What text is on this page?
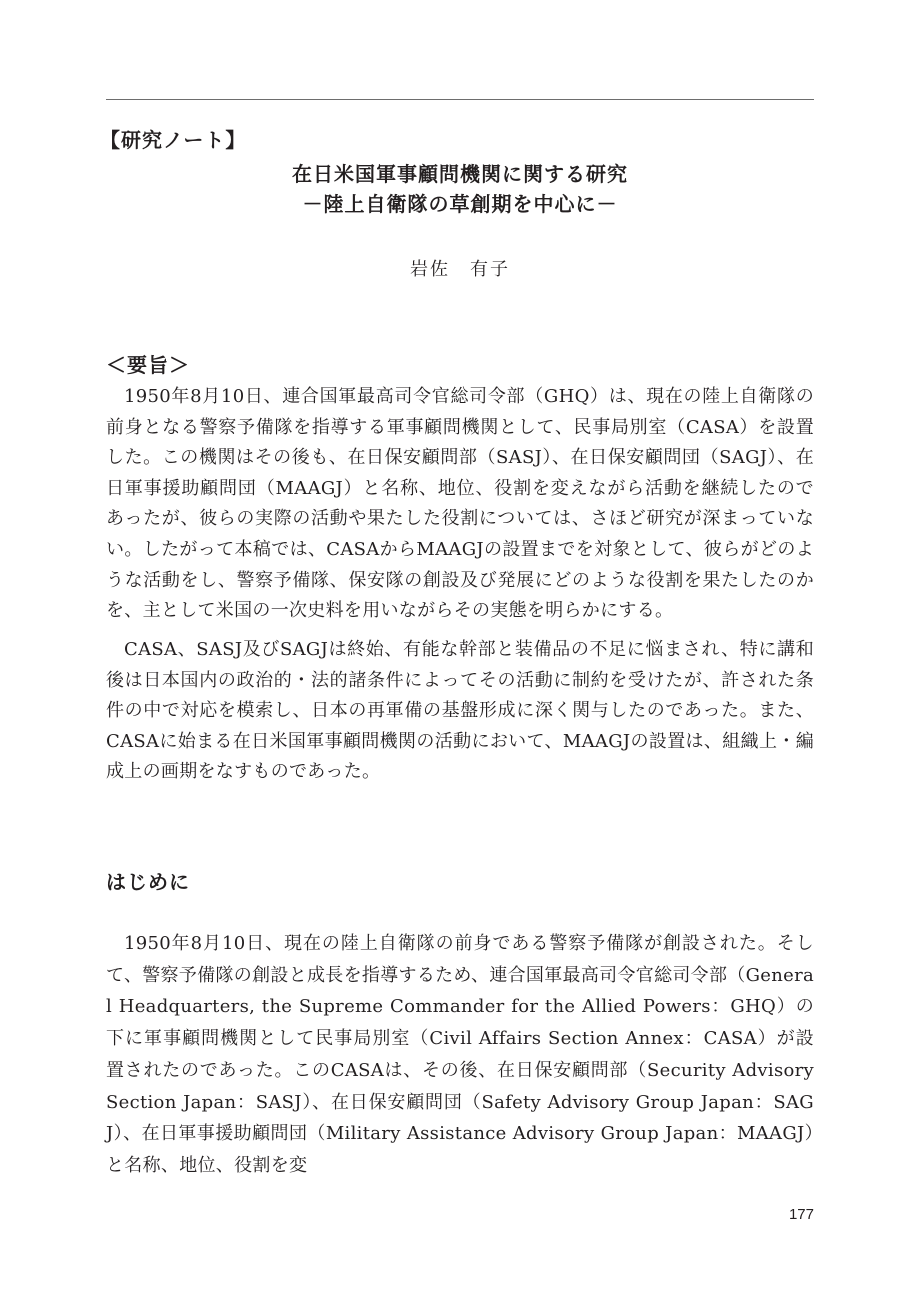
【研究ノート】
在日米国軍事顧問機関に関する研究
－陸上自衛隊の草創期を中心に－
岩佐　有子
＜要旨＞

1950年8月10日、連合国軍最高司令官総司令部（GHQ）は、現在の陸上自衛隊の前身となる警察予備隊を指導する軍事顧問機関として、民事局別室（CASA）を設置した。この機関はその後も、在日保安顧問部（SASJ）、在日保安顧問団（SAGJ）、在日軍事援助顧問団（MAAGJ）と名称、地位、役割を変えながら活動を継続したのであったが、彼らの実際の活動や果たした役割については、さほど研究が深まっていない。したがって本稿では、CASAからMAAGJの設置までを対象として、彼らがどのような活動をし、警察予備隊、保安隊の創設及び発展にどのような役割を果たしたのかを、主として米国の一次史料を用いながらその実態を明らかにする。

CASA、SASJ及びSAGJは終始、有能な幹部と装備品の不足に悩まされ、特に講和後は日本国内の政治的・法的諸条件によってその活動に制約を受けたが、許された条件の中で対応を模索し、日本の再軍備の基盤形成に深く関与したのであった。また、CASAに始まる在日米国軍事顧問機関の活動において、MAAGJの設置は、組織上・編成上の画期をなすものであった。

はじめに

1950年8月10日、現在の陸上自衛隊の前身である警察予備隊が創設された。そして、警察予備隊の創設と成長を指導するため、連合国軍最高司令官総司令部（General Headquarters, the Supreme Commander for the Allied Powers：GHQ）の下に軍事顧問機関として民事局別室（Civil Affairs Section Annex：CASA）が設置されたのであった。このCASAは、その後、在日保安顧問部（Security Advisory Section Japan：SASJ）、在日保安顧問団（Safety Advisory Group Japan：SAGJ）、在日軍事援助顧問団（Military Assistance Advisory Group Japan：MAAGJ）と名称、地位、役割を変

177
